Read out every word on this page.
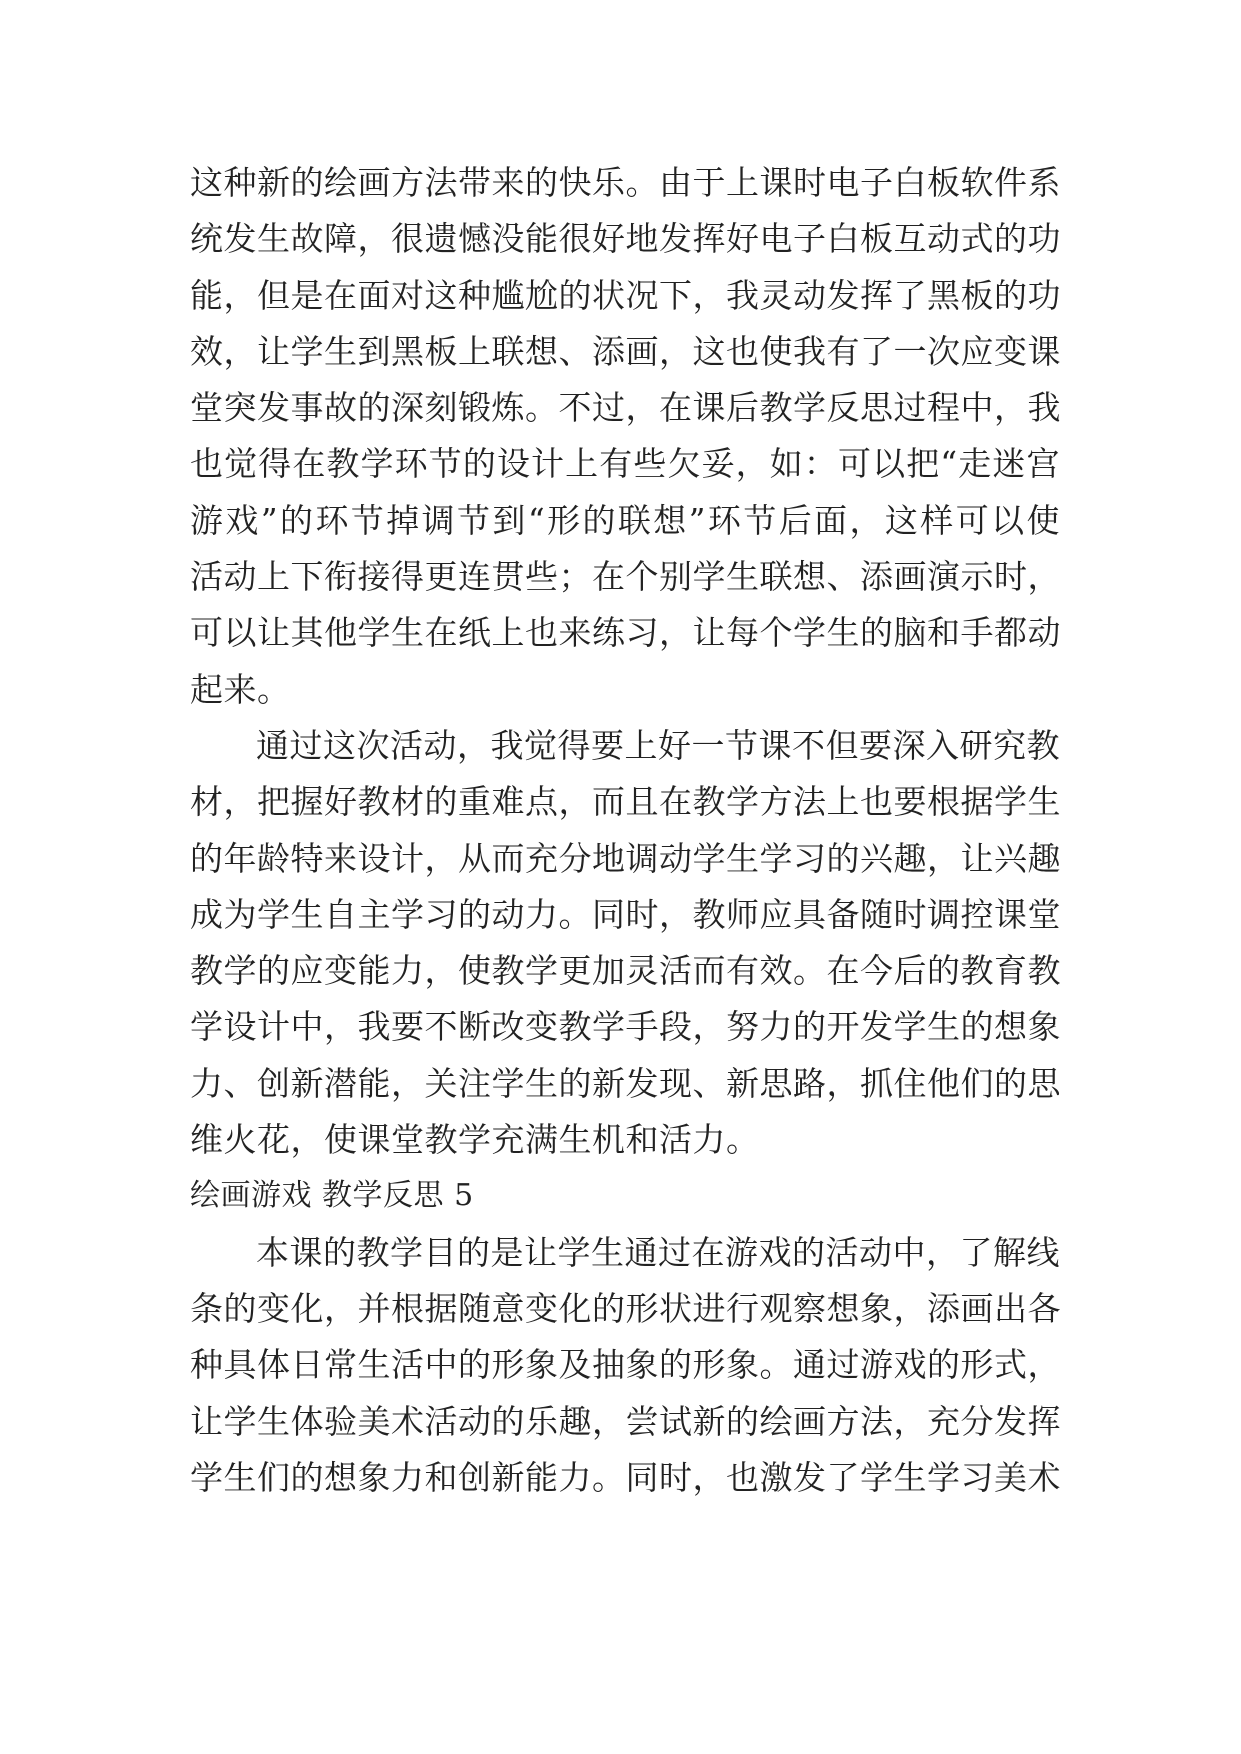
这种新的绘画方法带来的快乐。由于上课时电子白板软件系
统发生故障，很遗憾没能很好地发挥好电子白板互动式的功
能，但是在面对这种尴尬的状况下，我灵动发挥了黑板的功
效，让学生到黑板上联想、添画，这也使我有了一次应变课
堂突发事故的深刻锻炼。不过，在课后教学反思过程中，我
也觉得在教学环节的设计上有些欠妥，如：可以把“走迷宫
游戏”的环节掉调节到“形的联想”环节后面，这样可以使
活动上下衔接得更连贯些；在个别学生联想、添画演示时，
可以让其他学生在纸上也来练习，让每个学生的脑和手都动
起来。
通过这次活动，我觉得要上好一节课不但要深入研究教
材，把握好教材的重难点，而且在教学方法上也要根据学生
的年龄特来设计，从而充分地调动学生学习的兴趣，让兴趣
成为学生自主学习的动力。同时，教师应具备随时调控课堂
教学的应变能力，使教学更加灵活而有效。在今后的教育教
学设计中，我要不断改变教学手段，努力的开发学生的想象
力、创新潜能，关注学生的新发现、新思路，抓住他们的思
维火花，使课堂教学充满生机和活力。
绘画游戏 教学反思 5
本课的教学目的是让学生通过在游戏的活动中，了解线
条的变化，并根据随意变化的形状进行观察想象，添画出各
种具体日常生活中的形象及抽象的形象。通过游戏的形式，
让学生体验美术活动的乐趣，尝试新的绘画方法，充分发挥
学生们的想象力和创新能力。同时，也激发了学生学习美术
